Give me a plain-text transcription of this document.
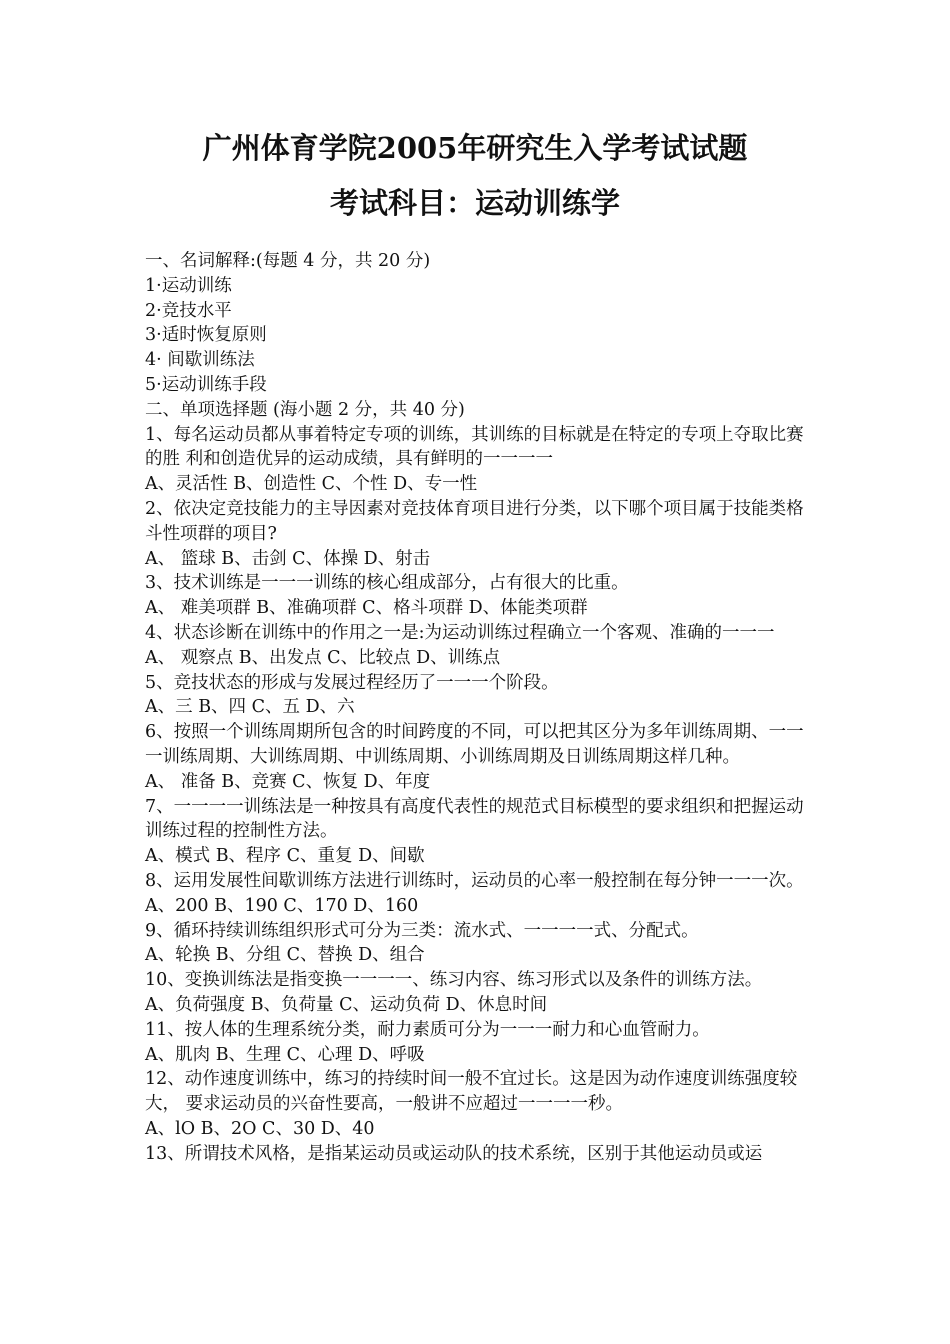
广州体育学院2005年研究生入学考试试题
考试科目：运动训练学

一、名词解释:(每题 4 分，共 20 分)

1·运动训练

2·竞技水平

3·适时恢复原则

4· 间歇训练法

5·运动训练手段

二、单项选择题 (海小题 2 分，共 40 分)

1、每名运动员都从事着特定专项的训练，其训练的目标就是在特定的专项上夺取比赛的胜 利和创造优异的运动成绩，具有鲜明的一一一一

A、灵活性 B、创造性 C、个性 D、专一性

2、依决定竞技能力的主导因素对竞技体育项目进行分类，以下哪个项目属于技能类格斗性项群的项目?

A、 篮球 B、击剑 C、体操 D、射击

3、技术训练是一一一训练的核心组成部分，占有很大的比重。

A、 难美项群 B、准确项群 C、格斗项群 D、体能类项群

4、状态诊断在训练中的作用之一是:为运动训练过程确立一个客观、准确的一一一

A、 观察点 B、出发点 C、比较点 D、训练点

5、竞技状态的形成与发展过程经历了一一一个阶段。

A、三 B、四 C、五 D、六

6、按照一个训练周期所包含的时间跨度的不同，可以把其区分为多年训练周期、一一一训练周期、大训练周期、中训练周期、小训练周期及日训练周期这样几种。

A、 准备 B、竞赛 C、恢复 D、年度

7、一一一一训练法是一种按具有高度代表性的规范式目标模型的要求组织和把握运动训练过程的控制性方法。

A、模式 B、程序 C、重复 D、间歇

8、运用发展性间歇训练方法进行训练时，运动员的心率一般控制在每分钟一一一次。

A、200 B、190 C、170 D、160

9、循环持续训练组织形式可分为三类：流水式、一一一一式、分配式。

A、轮换 B、分组 C、替换 D、组合

10、变换训练法是指变换一一一一、练习内容、练习形式以及条件的训练方法。

A、负荷强度 B、负荷量 C、运动负荷 D、休息时间

11、按人体的生理系统分类，耐力素质可分为一一一耐力和心血管耐力。

A、肌肉 B、生理 C、心理 D、呼吸

12、动作速度训练中，练习的持续时间一般不宜过长。这是因为动作速度训练强度较大， 要求运动员的兴奋性要高，一般讲不应超过一一一一秒。

A、lO B、2O C、30 D、40

13、所谓技术风格，是指某运动员或运动队的技术系统，区别于其他运动员或运
